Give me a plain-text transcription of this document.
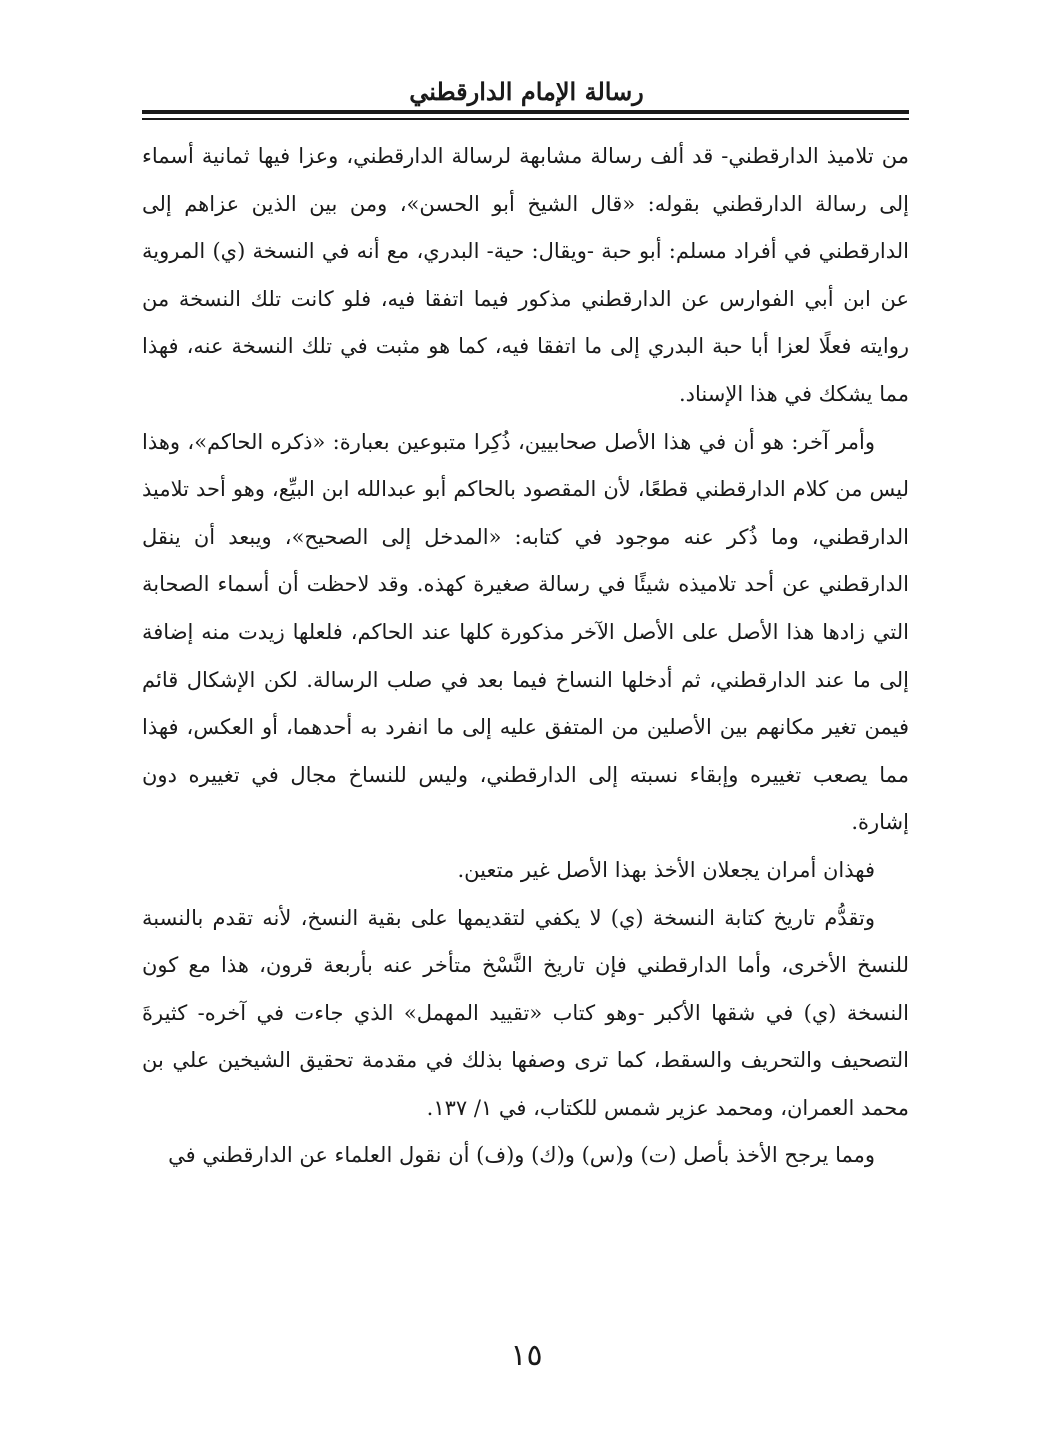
رسالة الإمام الدارقطني

من تلاميذ الدارقطني- قد ألف رسالة مشابهة لرسالة الدارقطني، وعزا فيها ثمانية أسماء إلى رسالة الدارقطني بقوله: «قال الشيخ أبو الحسن»، ومن بين الذين عزاهم إلى الدارقطني في أفراد مسلم: أبو حبة -ويقال: حية- البدري، مع أنه في النسخة (ي) المروية عن ابن أبي الفوارس عن الدارقطني مذكور فيما اتفقا فيه، فلو كانت تلك النسخة من روايته فعلًا لعزا أبا حبة البدري إلى ما اتفقا فيه، كما هو مثبت في تلك النسخة عنه، فهذا مما يشكك في هذا الإسناد.

وأمر آخر: هو أن في هذا الأصل صحابيين، ذُكِرا متبوعين بعبارة: «ذكره الحاكم»، وهذا ليس من كلام الدارقطني قطعًا، لأن المقصود بالحاكم أبو عبدالله ابن البيِّع، وهو أحد تلاميذ الدارقطني، وما ذُكر عنه موجود في كتابه: «المدخل إلى الصحيح»، ويبعد أن ينقل الدارقطني عن أحد تلاميذه شيئًا في رسالة صغيرة كهذه. وقد لاحظت أن أسماء الصحابة التي زادها هذا الأصل على الأصل الآخر مذكورة كلها عند الحاكم، فلعلها زيدت منه إضافة إلى ما عند الدارقطني، ثم أدخلها النساخ فيما بعد في صلب الرسالة. لكن الإشكال قائم فيمن تغير مكانهم بين الأصلين من المتفق عليه إلى ما انفرد به أحدهما، أو العكس، فهذا مما يصعب تغييره وإبقاء نسبته إلى الدارقطني، وليس للنساخ مجال في تغييره دون إشارة.

فهذان أمران يجعلان الأخذ بهذا الأصل غير متعين.

وتقدُّم تاريخ كتابة النسخة (ي) لا يكفي لتقديمها على بقية النسخ، لأنه تقدم بالنسبة للنسخ الأخرى، وأما الدارقطني فإن تاريخ النَّسْخ متأخر عنه بأربعة قرون، هذا مع كون النسخة (ي) في شقها الأكبر -وهو كتاب «تقييد المهمل» الذي جاءت في آخره- كثيرةَ التصحيف والتحريف والسقط، كما ترى وصفها بذلك في مقدمة تحقيق الشيخين علي بن محمد العمران، ومحمد عزير شمس للكتاب، في ١/ ١٣٧.

ومما يرجح الأخذ بأصل (ت) و(س) و(ك) و(ف) أن نقول العلماء عن الدارقطني في

١٥
